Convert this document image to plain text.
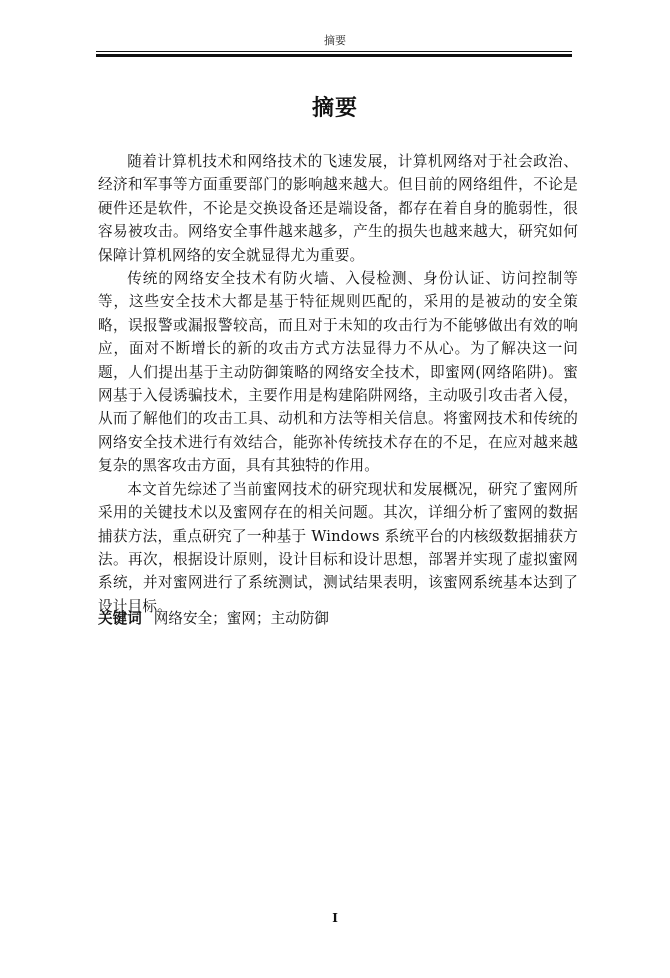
摘要
摘要

随着计算机技术和网络技术的飞速发展，计算机网络对于社会政治、经济和军事等方面重要部门的影响越来越大。但目前的网络组件，不论是硬件还是软件，不论是交换设备还是端设备，都存在着自身的脆弱性，很容易被攻击。网络安全事件越来越多，产生的损失也越来越大，研究如何保障计算机网络的安全就显得尤为重要。

传统的网络安全技术有防火墙、入侵检测、身份认证、访问控制等等，这些安全技术大都是基于特征规则匹配的，采用的是被动的安全策略，误报警或漏报警较高，而且对于未知的攻击行为不能够做出有效的响应，面对不断增长的新的攻击方式方法显得力不从心。为了解决这一问题，人们提出基于主动防御策略的网络安全技术，即蜜网(网络陷阱)。蜜网基于入侵诱骗技术，主要作用是构建陷阱网络，主动吸引攻击者入侵，从而了解他们的攻击工具、动机和方法等相关信息。将蜜网技术和传统的网络安全技术进行有效结合，能弥补传统技术存在的不足，在应对越来越复杂的黑客攻击方面，具有其独特的作用。

本文首先综述了当前蜜网技术的研究现状和发展概况，研究了蜜网所采用的关键技术以及蜜网存在的相关问题。其次，详细分析了蜜网的数据捕获方法，重点研究了一种基于 Windows 系统平台的内核级数据捕获方法。再次，根据设计原则，设计目标和设计思想，部署并实现了虚拟蜜网系统，并对蜜网进行了系统测试，测试结果表明，该蜜网系统基本达到了设计目标。

关键词 网络安全；蜜网；主动防御
I
